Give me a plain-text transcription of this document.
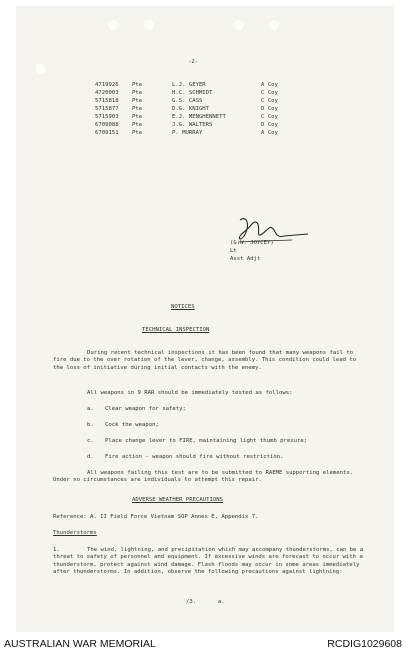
-2-
4719926 Pte	L.J. GEYER	A Coy
4720003 Pte	H.C. SCHMIDT	C Coy
5715818 Pte	G.S. CASS	C Coy
5715877 Pte	D.G. KNIGHT	D Coy
5715903 Pte	E.J. MENGHENNETT	C Coy
6709088 Pte	J.G. WALTERS	D Coy
6709151 Pte	P. MURRAY	A Coy
(G.W. JOYCEY)
Lt
Asst Adjt
NOTICES
TECHNICAL INSPECTION
During recent technical inspections it has been found that many weapons fail to fire due to the over rotation of the lever, change, assembly. This condition could lead to the loss of initiative during initial contacts with the enemy.
All weapons in 9 RAR should be immediately tested as follows:
a. Clear weapon for safety;
b. Cock the weapon;
c. Place change lever to FIRE, maintaining light thumb presure;
d. Fire action - weapon should fire without restriction.
All weapons failing this test are to be submitted to RAEME supporting elements. Under no circumstances are individuals to attempt this repair.
ADVERSE WEATHER PRECAUTIONS
Reference: A. II Field Force Vietnam SOP Annex E, Appendix 7.
Thunderstorms
1.	The wind, lightning, and precipitation which may accompany thunderstorms, can be a threat to safety of personnel and equipment. If excessive winds are forecast to occur with a thunderstorm, protect against wind damage. Flash floods may occur in some areas immediately after thunderstorms. In addition, observe the following precautions against lightning:
/3.	a.
AUSTRALIAN WAR MEMORIAL	RCDIG1029608
